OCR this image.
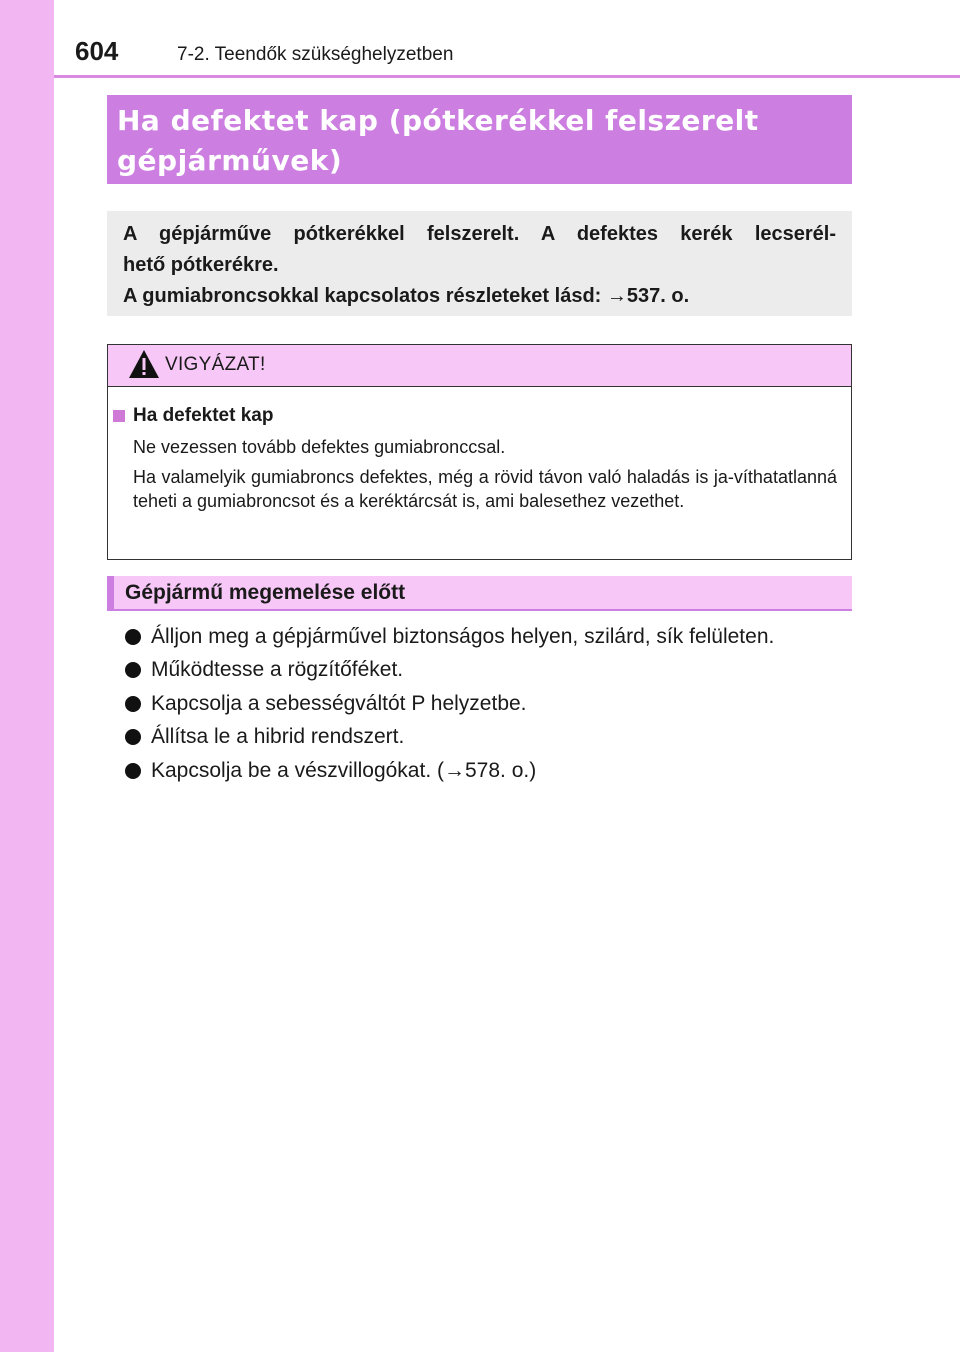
604	7-2. Teendők szükséghelyzetben
Ha defektet kap (pótkerékkel felszerelt
gépjárművek)

A gépjárműve pótkerékkel felszerelt. A defektes kerék lecserél-

hető pótkerékre.

A gumiabroncsokkal kapcsolatos részleteket lásd: →537. o.

VIGYÁZAT!
Ha defektet kap

Ne vezessen tovább defektes gumiabronccsal.

Ha valamelyik gumiabroncs defektes, még a rövid távon való haladás is ja-víthatatlanná teheti a gumiabroncsot és a keréktárcsát is, ami balesethez vezethet.

Gépjármű megemelése előtt
Álljon meg a gépjárművel biztonságos helyen, szilárd, sík felületen.
Működtesse a rögzítőféket.
Kapcsolja a sebességváltót P helyzetbe.
Állítsa le a hibrid rendszert.
Kapcsolja be a vészvillogókat. (→578. o.)
